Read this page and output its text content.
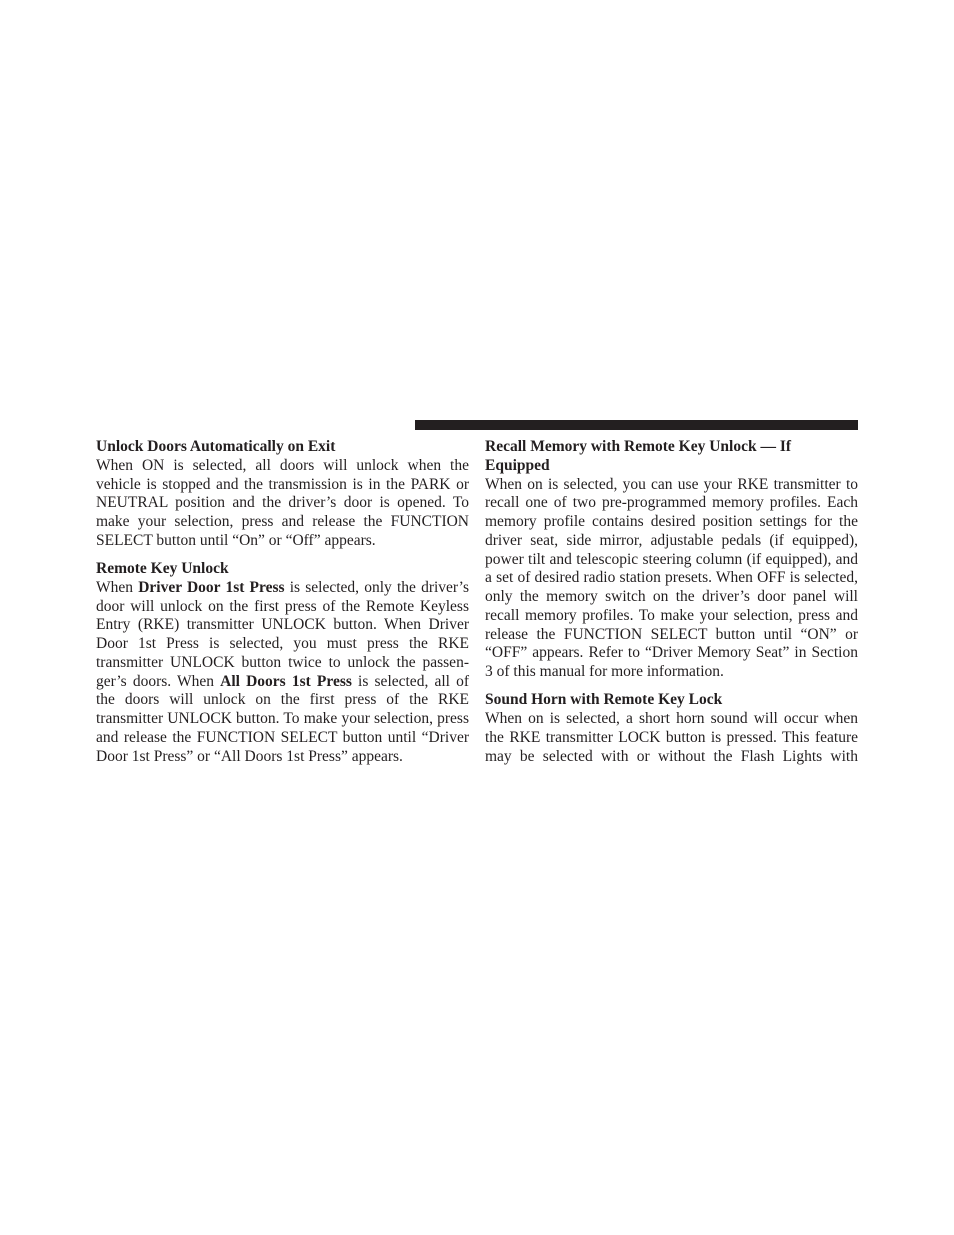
Unlock Doors Automatically on Exit

When ON is selected, all doors will unlock when the vehicle is stopped and the transmission is in the PARK or NEUTRAL position and the driver’s door is opened. To make your selection, press and release the FUNCTION SELECT button until “On” or “Off” appears.

Remote Key Unlock

When Driver Door 1st Press is selected, only the driver’s door will unlock on the first press of the Remote Keyless Entry (RKE) transmitter UNLOCK button. When Driver Door 1st Press is selected, you must press the RKE transmitter UNLOCK button twice to unlock the passenger’s doors. When All Doors 1st Press is selected, all of the doors will unlock on the first press of the RKE transmitter UNLOCK button. To make your selection, press and release the FUNCTION SELECT button until “Driver Door 1st Press” or “All Doors 1st Press” appears.

Recall Memory with Remote Key Unlock — If Equipped

When on is selected, you can use your RKE transmitter to recall one of two pre-programmed memory profiles. Each memory profile contains desired position settings for the driver seat, side mirror, adjustable pedals (if equipped), power tilt and telescopic steering column (if equipped), and a set of desired radio station presets. When OFF is selected, only the memory switch on the driver’s door panel will recall memory profiles. To make your selection, press and release the FUNCTION SELECT button until “ON” or “OFF” appears. Refer to “Driver Memory Seat” in Section 3 of this manual for more information.

Sound Horn with Remote Key Lock

When on is selected, a short horn sound will occur when the RKE transmitter LOCK button is pressed. This feature may be selected with or without the Flash Lights with
